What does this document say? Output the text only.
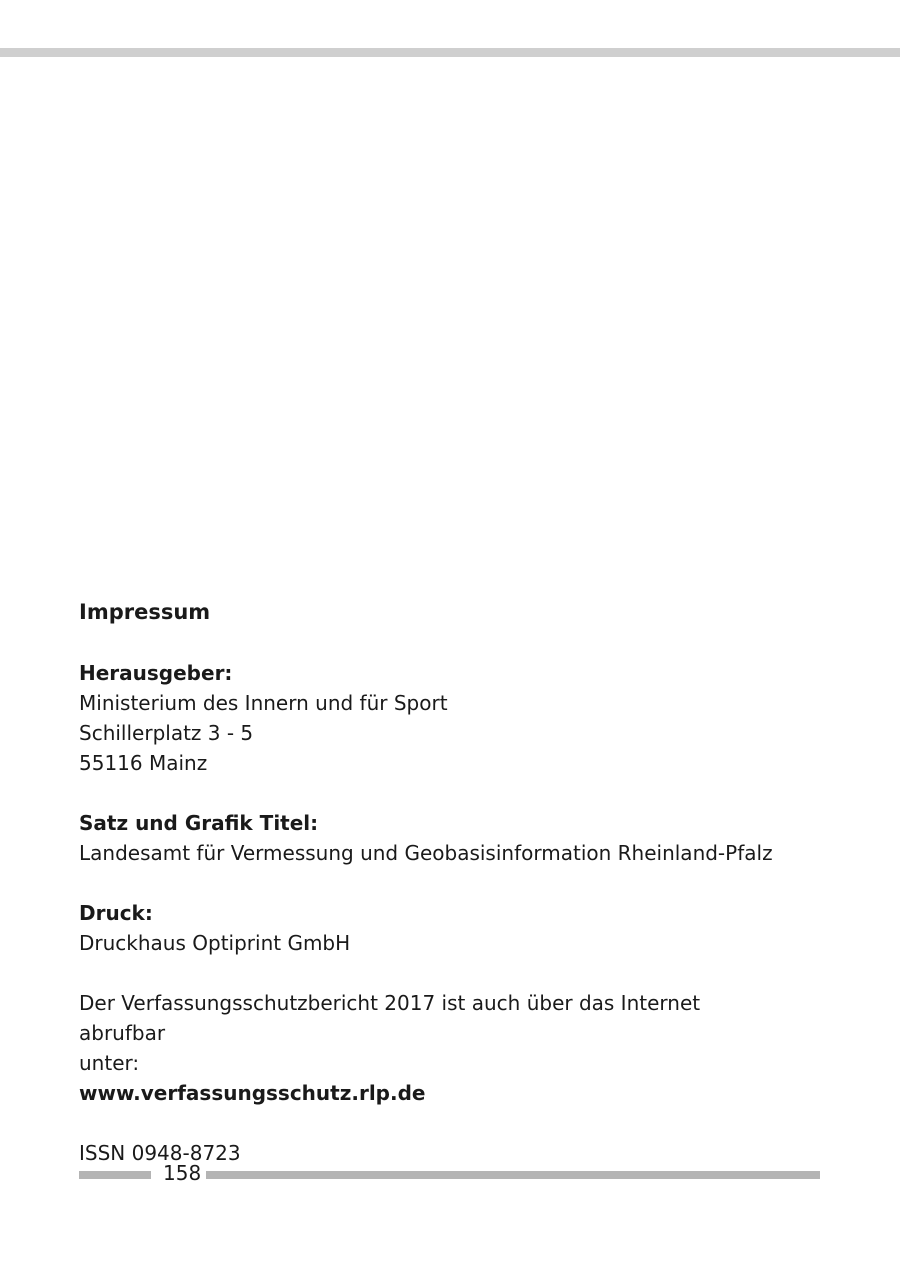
Impressum

Herausgeber:
Ministerium des Innern und für Sport
Schillerplatz 3 - 5
55116 Mainz
Satz und Grafik Titel:
Landesamt für Vermessung und Geobasisinformation Rheinland-Pfalz
Druck:
Druckhaus Optiprint GmbH
Der Verfassungsschutzbericht 2017 ist auch über das Internet abrufbar
unter:
www.verfassungsschutz.rlp.de
ISSN 0948-8723
158
